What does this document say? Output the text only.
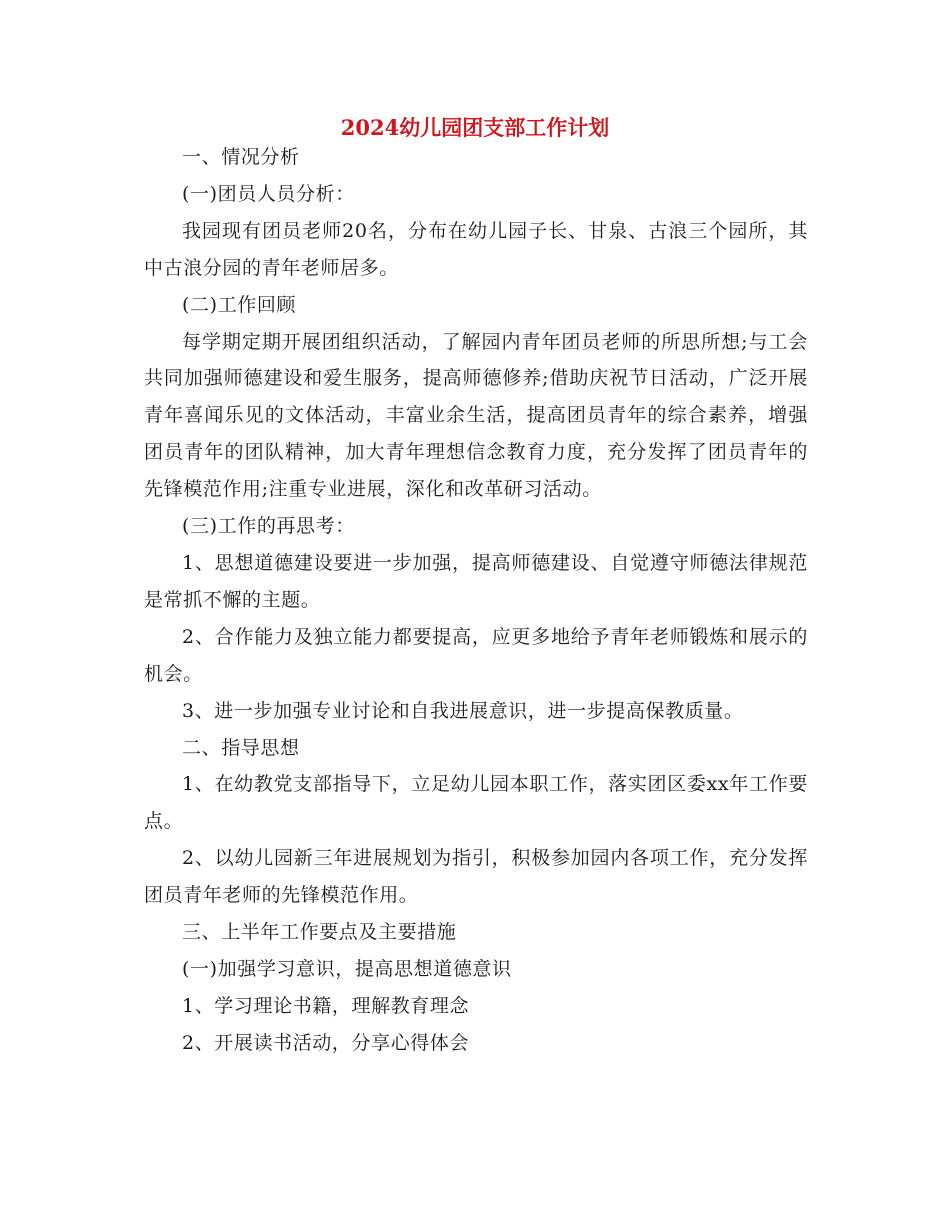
2024幼儿园团支部工作计划

一、情况分析

(一)团员人员分析：

我园现有团员老师20名，分布在幼儿园子长、甘泉、古浪三个园所，其中古浪分园的青年老师居多。

(二)工作回顾

每学期定期开展团组织活动，了解园内青年团员老师的所思所想;与工会共同加强师德建设和爱生服务，提高师德修养;借助庆祝节日活动，广泛开展青年喜闻乐见的文体活动，丰富业余生活，提高团员青年的综合素养，增强团员青年的团队精神，加大青年理想信念教育力度，充分发挥了团员青年的先锋模范作用;注重专业进展，深化和改革研习活动。

(三)工作的再思考：

1、思想道德建设要进一步加强，提高师德建设、自觉遵守师德法律规范是常抓不懈的主题。

2、合作能力及独立能力都要提高，应更多地给予青年老师锻炼和展示的机会。

3、进一步加强专业讨论和自我进展意识，进一步提高保教质量。

二、指导思想

1、在幼教党支部指导下，立足幼儿园本职工作，落实团区委xx年工作要点。

2、以幼儿园新三年进展规划为指引，积极参加园内各项工作，充分发挥团员青年老师的先锋模范作用。

三、上半年工作要点及主要措施

(一)加强学习意识，提高思想道德意识

1、学习理论书籍，理解教育理念

2、开展读书活动，分享心得体会
